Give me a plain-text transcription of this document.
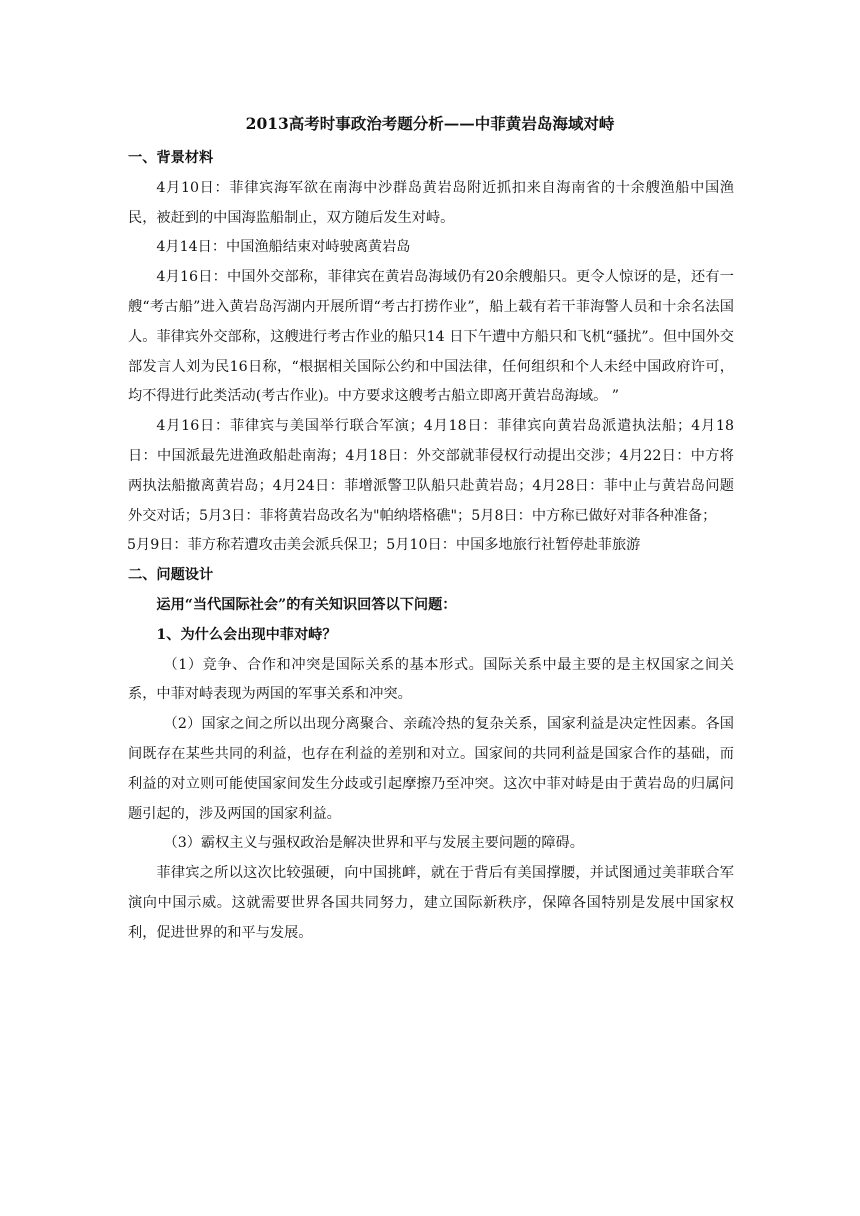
2013高考时事政治考题分析——中菲黄岩岛海域对峙

一、背景材料

4月10日：菲律宾海军欲在南海中沙群岛黄岩岛附近抓扣来自海南省的十余艘渔船中国渔民，被赶到的中国海监船制止，双方随后发生对峙。

4月14日：中国渔船结束对峙驶离黄岩岛

4月16日：中国外交部称，菲律宾在黄岩岛海域仍有20余艘船只。更令人惊讶的是，还有一艘“考古船”进入黄岩岛泻湖内开展所谓“考古打捞作业”，船上载有若干菲海警人员和十余名法国人。菲律宾外交部称，这艘进行考古作业的船只14 日下午遭中方船只和飞机“骚扰”。但中国外交部发言人刘为民16日称，“根据相关国际公约和中国法律，任何组织和个人未经中国政府许可，均不得进行此类活动(考古作业)。中方要求这艘考古船立即离开黄岩岛海域。 ”

4月16日：菲律宾与美国举行联合军演；4月18日：菲律宾向黄岩岛派遣执法船；4月18日：中国派最先进渔政船赴南海；4月18日：外交部就菲侵权行动提出交涉；4月22日：中方将两执法船撤离黄岩岛；4月24日：菲增派警卫队船只赴黄岩岛；4月28日：菲中止与黄岩岛问题外交对话；5月3日：菲将黄岩岛改名为"帕纳塔格礁"；5月8日：中方称已做好对菲各种准备；

5月9日：菲方称若遭攻击美会派兵保卫；5月10日：中国多地旅行社暂停赴菲旅游

二、问题设计

运用“当代国际社会”的有关知识回答以下问题：

1、为什么会出现中菲对峙？

（1）竞争、合作和冲突是国际关系的基本形式。国际关系中最主要的是主权国家之间关系，中菲对峙表现为两国的军事关系和冲突。

（2）国家之间之所以出现分离聚合、亲疏冷热的复杂关系，国家利益是决定性因素。各国间既存在某些共同的利益，也存在利益的差别和对立。国家间的共同利益是国家合作的基础，而利益的对立则可能使国家间发生分歧或引起摩擦乃至冲突。这次中菲对峙是由于黄岩岛的归属问题引起的，涉及两国的国家利益。

（3）霸权主义与强权政治是解决世界和平与发展主要问题的障碍。

菲律宾之所以这次比较强硬，向中国挑衅，就在于背后有美国撑腰，并试图通过美菲联合军演向中国示威。这就需要世界各国共同努力，建立国际新秩序，保障各国特别是发展中国家权利，促进世界的和平与发展。
